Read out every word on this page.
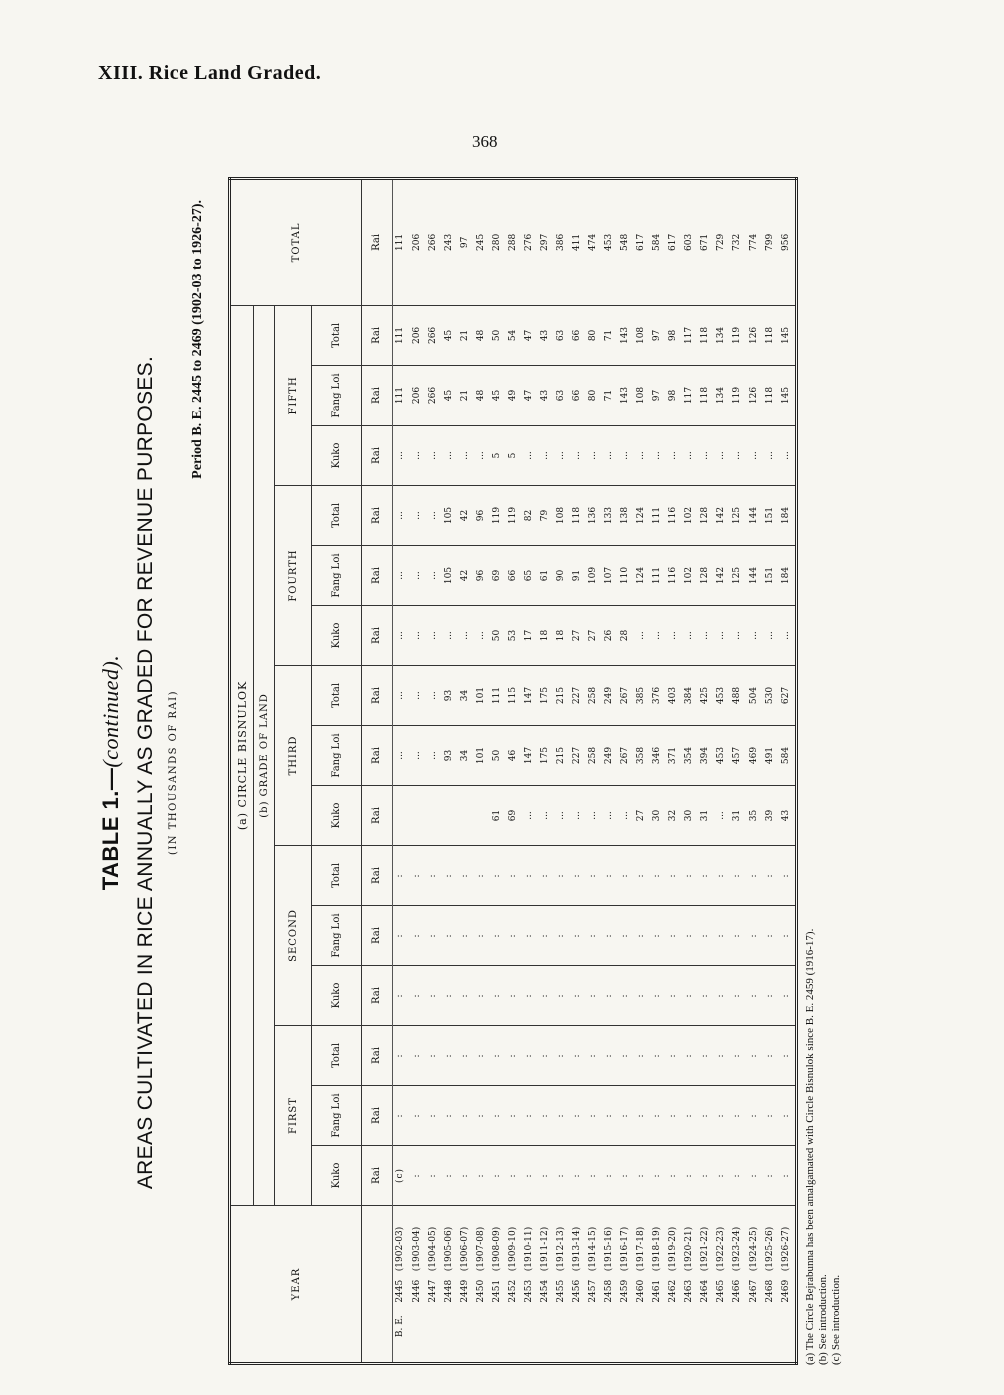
XIII. Rice Land Graded.
368
TABLE 1.—(continued). AREAS CULTIVATED IN RICE ANNUALLY AS GRADED FOR REVENUE PURPOSES. (IN THOUSANDS OF RAI)
Period B. E. 2445 to 2469 (1902-03 to 1926-27).
YEAR	(a) CIRCLE BISNULOK															TOTAL
	(b) GRADE OF LAND															
	FIRST			SECOND			THIRD			FOURTH			FIFTH			
	Kuko	Fang Loi	Total	Kuko	Fang Loi	Total	Kuko	Fang Loi	Total	Kuko	Fang Loi	Total	Kuko	Fang Loi	Total	
	Rai	Rai	Rai	Rai	Rai	Rai	Rai	Rai	Rai	Rai	Rai	Rai	Rai	Rai	Rai	Rai
B. E.2445(1902-03)	(c)	:	:	:	:	:		...	...	...	...	...	...	111	111	111
2446(1903-04)	:	:	:	:	:	:		...	...	...	...	...	...	206	206	206
2447(1904-05)	:	:	:	:	:	:		...	...	...	...	...	...	266	266	266
2448(1905-06)	:	:	:	:	:	:		93	93	...	105	105	...	45	45	243
2449(1906-07)	:	:	:	:	:	:		34	34	...	42	42	...	21	21	97
2450(1907-08)	:	:	:	:	:	:		101	101	...	96	96	...	48	48	245
2451(1908-09)	:	:	:	:	:	:	61	50	111	50	69	119	5	45	50	280
2452(1909-10)	:	:	:	:	:	:	69	46	115	53	66	119	5	49	54	288
2453(1910-11)	:	:	:	:	:	:	...	147	147	17	65	82	...	47	47	276
2454(1911-12)	:	:	:	:	:	:	...	175	175	18	61	79	...	43	43	297
2455(1912-13)	:	:	:	:	:	:	...	215	215	18	90	108	...	63	63	386
2456(1913-14)	:	:	:	:	:	:	...	227	227	27	91	118	...	66	66	411
2457(1914-15)	:	:	:	:	:	:	...	258	258	27	109	136	...	80	80	474
2458(1915-16)	:	:	:	:	:	:	...	249	249	26	107	133	...	71	71	453
2459(1916-17)	:	:	:	:	:	:	...	267	267	28	110	138	...	143	143	548
2460(1917-18)	:	:	:	:	:	:	27	358	385	...	124	124	...	108	108	617
2461(1918-19)	:	:	:	:	:	:	30	346	376	...	111	111	...	97	97	584
2462(1919-20)	:	:	:	:	:	:	32	371	403	...	116	116	...	98	98	617
2463(1920-21)	:	:	:	:	:	:	30	354	384	...	102	102	...	117	117	603
2464(1921-22)	:	:	:	:	:	:	31	394	425	...	128	128	...	118	118	671
2465(1922-23)	:	:	:	:	:	:	...	453	453	...	142	142	...	134	134	729
2466(1923-24)	:	:	:	:	:	:	31	457	488	...	125	125	...	119	119	732
2467(1924-25)	:	:	:	:	:	:	35	469	504	...	144	144	...	126	126	774
2468(1925-26)	:	:	:	:	:	:	39	491	530	...	151	151	...	118	118	799
2469(1926-27)	:	:	:	:	:	:	43	584	627	...	184	184	...	145	145	956
(a) The Circle Bejrabunna has been amalgamated with Circle Bisnulok since B. E. 2459 (1916-17). (b) See introduction. (c) See introduction.
